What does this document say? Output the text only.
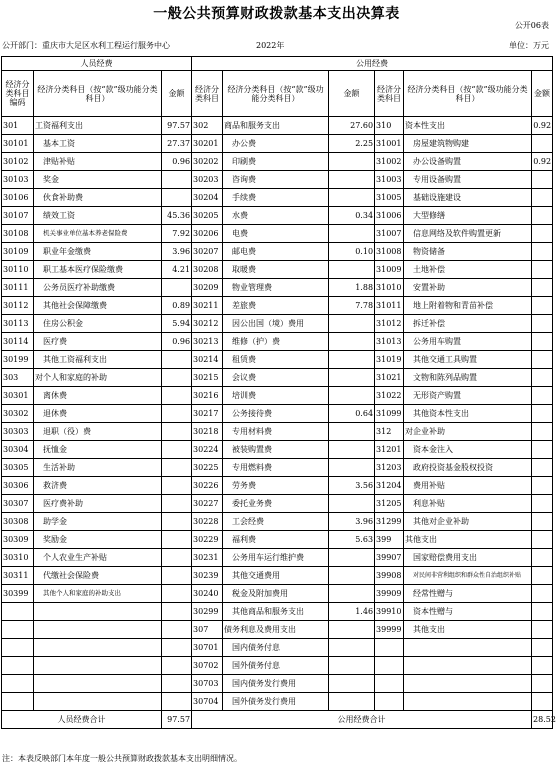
一般公共预算财政拨款基本支出决算表
公开06表
公开部门：重庆市大足区水利工程运行服务中心	2022年	单位：万元
人员经费			公用经费					
经济分类科目编码	经济分类科目（按“款”级功能分类科目）	金额	经济分类科目	经济分类科目（按“款”级功能分类科目）	金额	经济分类科目	经济分类科目（按“款”级功能分类科目）	金额
301	工资福利支出	97.57	302	商品和服务支出	27.60	310	资本性支出	0.92
30101	基本工资	27.37	30201	办公费	2.25	31001	房屋建筑物购建	
30102	津贴补贴	0.96	30202	印刷费		31002	办公设备购置	0.92
30103	奖金		30203	咨询费		31003	专用设备购置	
30106	伙食补助费		30204	手续费		31005	基础设施建设	
30107	绩效工资	45.36	30205	水费	0.34	31006	大型修缮	
30108	机关事业单位基本养老保险费	7.92	30206	电费		31007	信息网络及软件购置更新	
30109	职业年金缴费	3.96	30207	邮电费	0.10	31008	物资储备	
30110	职工基本医疗保险缴费	4.21	30208	取暖费		31009	土地补偿	
30111	公务员医疗补助缴费		30209	物业管理费	1.88	31010	安置补助	
30112	其他社会保障缴费	0.89	30211	差旅费	7.78	31011	地上附着物和青苗补偿	
30113	住房公积金	5.94	30212	因公出国（境）费用		31012	拆迁补偿	
30114	医疗费	0.96	30213	维修（护）费		31013	公务用车购置	
30199	其他工资福利支出		30214	租赁费		31019	其他交通工具购置	
303	对个人和家庭的补助		30215	会议费		31021	文物和陈列品购置	
30301	离休费		30216	培训费		31022	无形资产购置	
30302	退休费		30217	公务接待费	0.64	31099	其他资本性支出	
30303	退职（役）费		30218	专用材料费		312	对企业补助	
30304	抚恤金		30224	被装购置费		31201	资本金注入	
30305	生活补助		30225	专用燃料费		31203	政府投资基金股权投资	
30306	救济费		30226	劳务费	3.56	31204	费用补贴	
30307	医疗费补助		30227	委托业务费		31205	利息补贴	
30308	助学金		30228	工会经费	3.96	31299	其他对企业补助	
30309	奖励金		30229	福利费	5.63	399	其他支出	
30310	个人农业生产补贴		30231	公务用车运行维护费		39907	国家赔偿费用支出	
30311	代缴社会保险费		30239	其他交通费用		39908	对民间非营利组织和群众性自治组织补贴	
30399	其他个人和家庭的补助支出		30240	税金及附加费用		39909	经常性赠与	
			30299	其他商品和服务支出	1.46	39910	资本性赠与	
			307	债务利息及费用支出		39999	其他支出	
			30701	国内债务付息				
			30702	国外债务付息				
			30703	国内债务发行费用				
			30704	国外债务发行费用				
人员经费合计		97.57	公用经费合计					28.52
注：本表反映部门本年度一般公共预算财政拨款基本支出明细情况。
